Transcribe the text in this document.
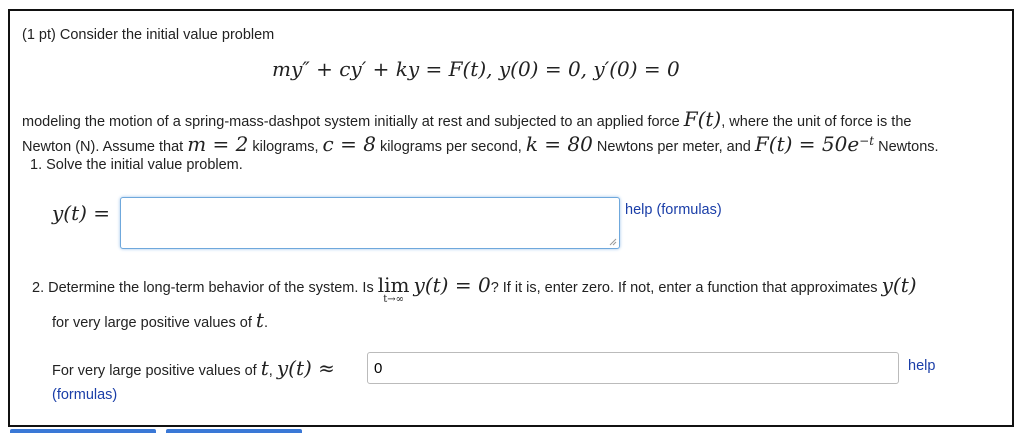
(1 pt) Consider the initial value problem
my″ + cy′ + ky = F(t), y(0) = 0, y′(0) = 0
modeling the motion of a spring-mass-dashpot system initially at rest and subjected to an applied force F(t), where the unit of force is the
Newton (N). Assume that m = 2 kilograms, c = 8 kilograms per second, k = 80 Newtons per meter, and $F(t) = 50e^{-t}$ Newtons.
1. Solve the initial value problem.
y(t) =	help (formulas)
2. Determine the long-term behavior of the system. Is lim
t→∞
y(t) = 0? If it is, enter zero. If not, enter a function that approximates y(t)
for very large positive values of t.
For very large positive values of t, y(t) ≈
0	help
(formulas)
